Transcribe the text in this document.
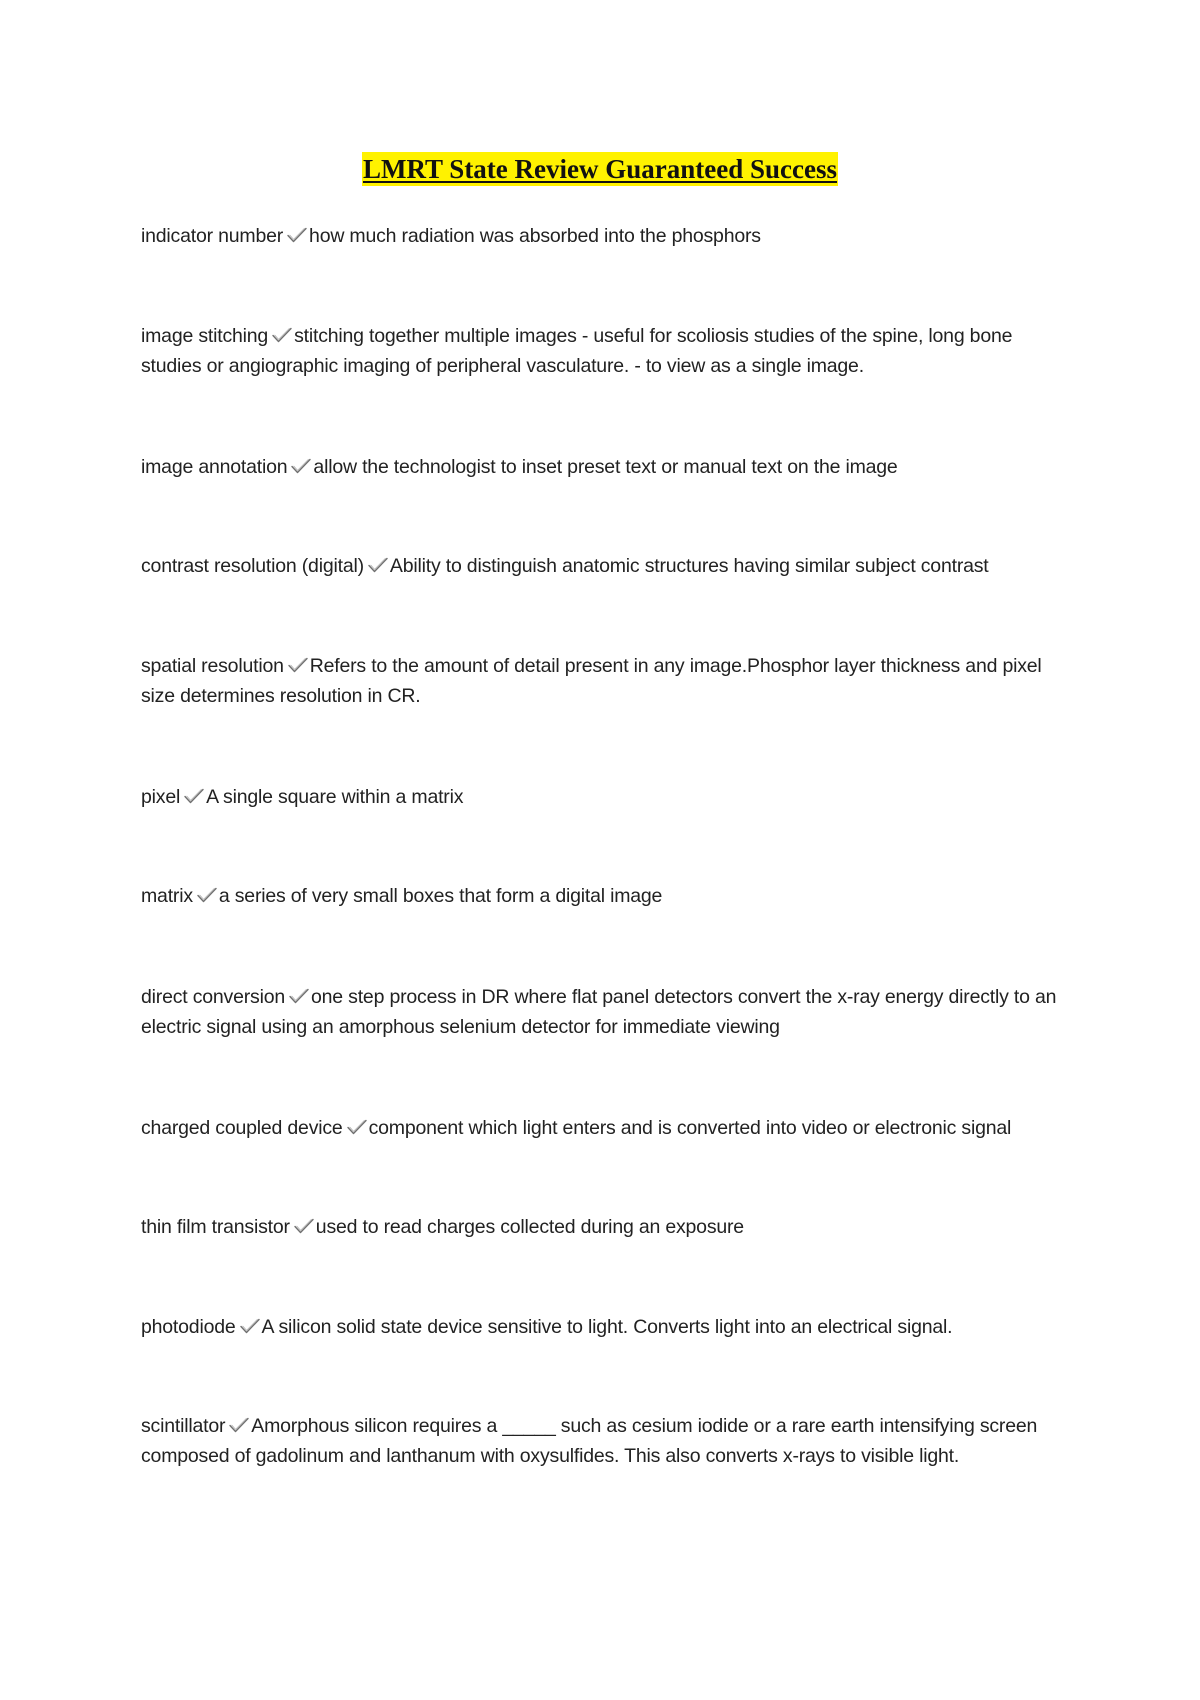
LMRT State Review Guaranteed Success
indicator number how much radiation was absorbed into the phosphors
image stitching stitching together multiple images - useful for scoliosis studies of the spine, long bone studies or angiographic imaging of peripheral vasculature. - to view as a single image.
image annotation allow the technologist to inset preset text or manual text on the image
contrast resolution (digital) Ability to distinguish anatomic structures having similar subject contrast
spatial resolution Refers to the amount of detail present in any image.Phosphor layer thickness and pixel size determines resolution in CR.
pixel A single square within a matrix
matrix a series of very small boxes that form a digital image
direct conversion one step process in DR where flat panel detectors convert the x-ray energy directly to an electric signal using an amorphous selenium detector for immediate viewing
charged coupled device component which light enters and is converted into video or electronic signal
thin film transistor used to read charges collected during an exposure
photodiode A silicon solid state device sensitive to light. Converts light into an electrical signal.
scintillator Amorphous silicon requires a _____ such as cesium iodide or a rare earth intensifying screen composed of gadolinum and lanthanum with oxysulfides. This also converts x-rays to visible light.
